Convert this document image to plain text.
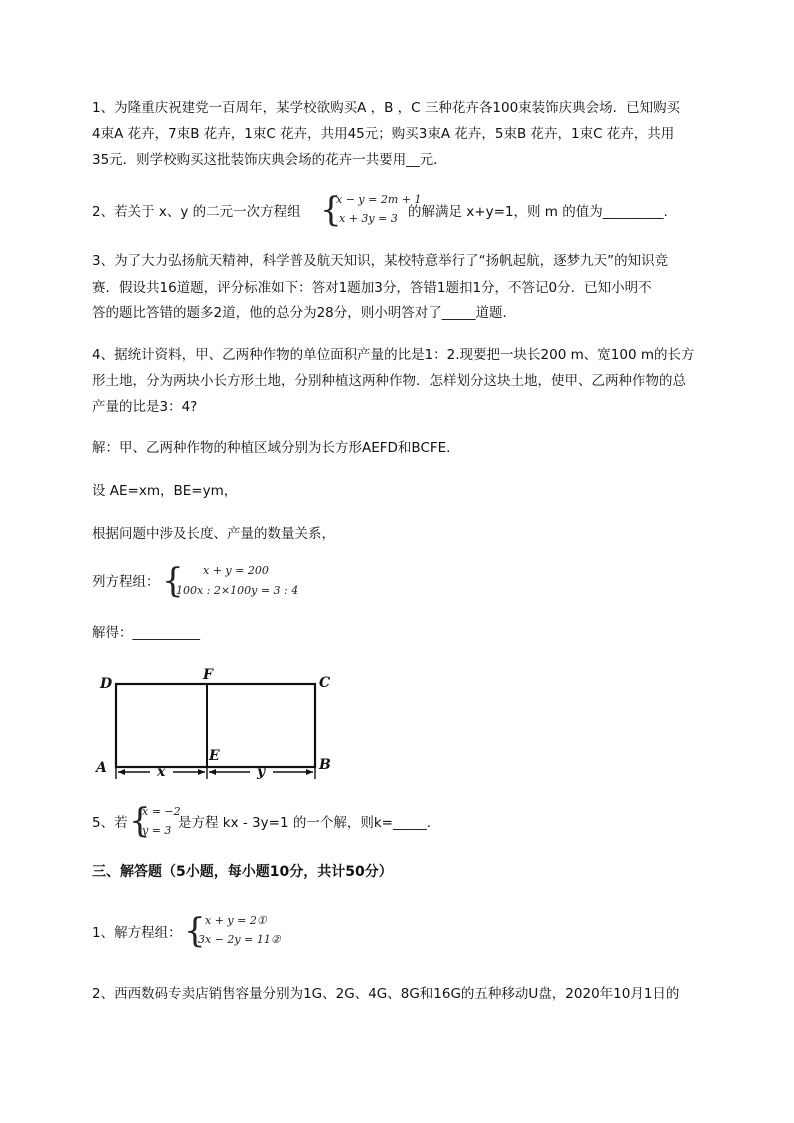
1、为隆重庆祝建党一百周年，某学校欲购买A ，B ，C 三种花卉各100束装饰庆典会场．已知购买
4束A 花卉，7束B 花卉，1束C 花卉，共用45元；购买3束A 花卉，5束B 花卉，1束C 花卉，共用
35元．则学校购买这批装饰庆典会场的花卉一共要用__元．
2、若关于 x、y 的二元一次方程组 {
x − y = 2m + 1
x + 3y = 3 的解满足 x+y=1，则 m 的值为_________.
3、为了大力弘扬航天精神，科学普及航天知识，某校特意举行了“扬帆起航，逐梦九天”的知识竞
赛．假设共16道题，评分标准如下：答对1题加3分，答错1题扣1分，不答记0分．已知小明不
答的题比答错的题多2道，他的总分为28分，则小明答对了_____道题．
4、据统计资料，甲、乙两种作物的单位面积产量的比是1：2.现要把一块长200 m、宽100 m的长方
形土地，分为两块小长方形土地，分别种植这两种作物．怎样划分这块土地，使甲、乙两种作物的总
产量的比是3：4?
解：甲、乙两种作物的种植区域分别为长方形AEFD和BCFE.
设 AE=xm，BE=ym，
根据问题中涉及长度、产量的数量关系，
列方程组： { x + y = 200
100x : 2×100y = 3 : 4
解得：__________
D
F	C
A
E
B
x	y
5、若 {
x = −2
y = 3 是方程 kx - 3y=1 的一个解，则k=_____.
三、解答题（5小题，每小题10分，共计50分）
1、解方程组： { x + y = 2①
3x − 2y = 11②
2、西西数码专卖店销售容量分别为1G、2G、4G、8G和16G的五种移动U盘，2020年10月1日的
